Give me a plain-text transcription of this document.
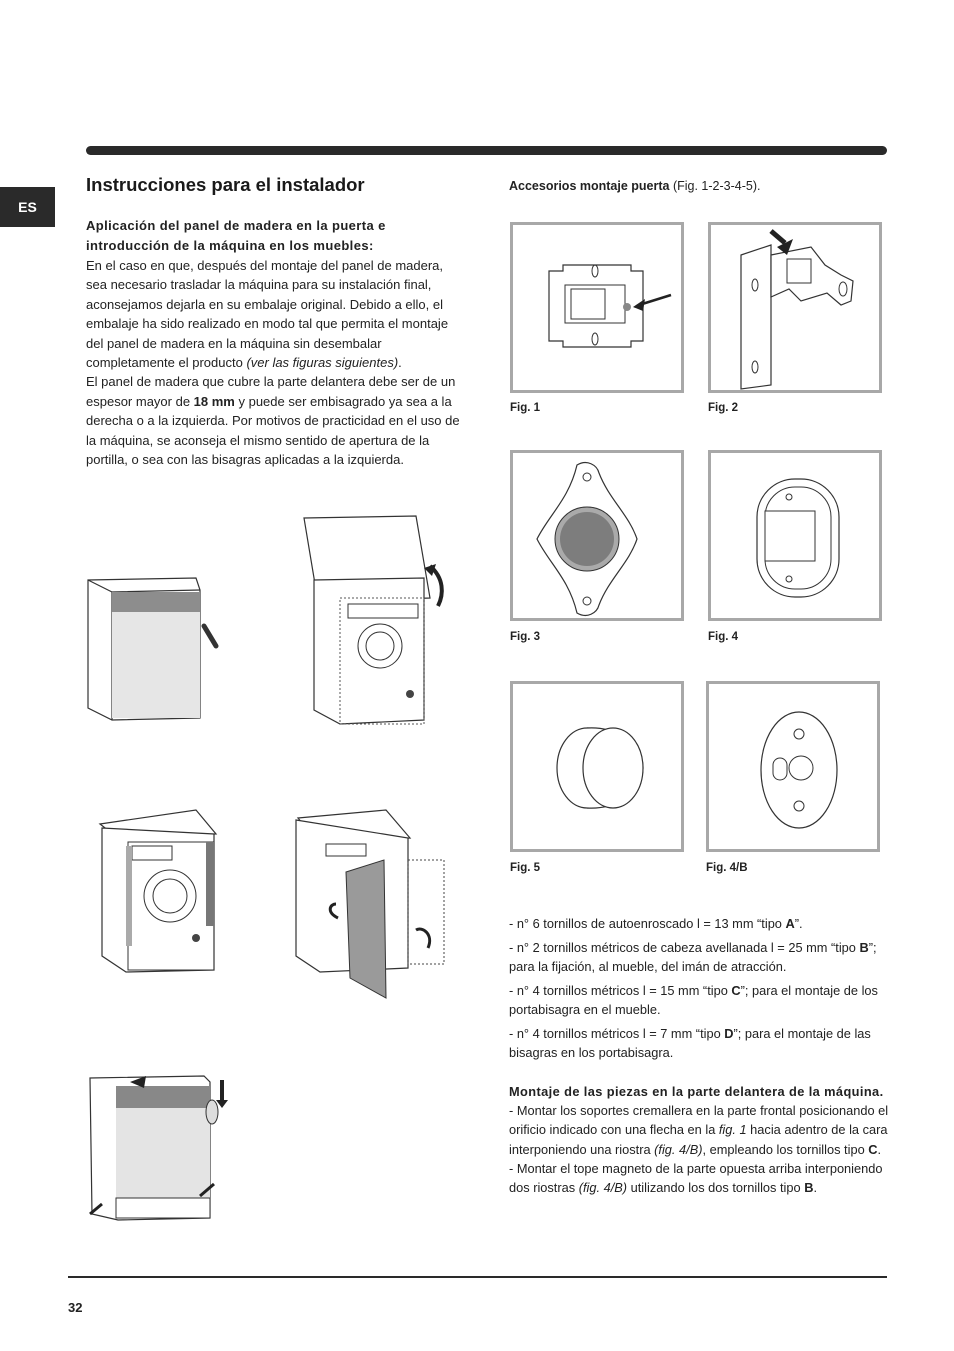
ES
Instrucciones para el instalador

Aplicación del panel de madera en la puerta e introducción de la máquina en los muebles:

En el caso en que, después del montaje del panel de madera, sea necesario trasladar la máquina para su instalación final, aconsejamos dejarla en su embalaje original. Debido a ello, el embalaje ha sido realizado en modo tal que permita el montaje del panel de madera en la máquina sin desembalar completamente el producto (ver las figuras siguientes).

El panel de madera que cubre la parte delantera debe ser de un espesor mayor de 18 mm y puede ser embisagrado ya sea a la derecha o a la izquierda. Por motivos de practicidad en el uso de la máquina, se aconseja el mismo sentido de apertura de la portilla, o sea con las bisagras aplicadas a la izquierda.

Accesorios montaje puerta (Fig. 1-2-3-4-5).
Fig. 1	Fig. 2
Fig. 3	Fig. 4
Fig. 5	Fig. 4/B

- n° 6 tornillos de autoenroscado l = 13 mm “tipo A”.

- n° 2 tornillos métricos de cabeza avellanada l = 25 mm “tipo B”; para la fijación, al mueble, del imán de atracción.

- n° 4 tornillos métricos l = 15 mm “tipo C”; para el montaje de los portabisagra en el mueble.

- n° 4 tornillos métricos l = 7 mm “tipo D”; para el montaje de las bisagras en los portabisagra.

Montaje de las piezas en la parte delantera de la máquina.

- Montar los soportes cremallera en la parte frontal posicionando el orificio indicado con una flecha en la fig. 1 hacia adentro de la cara interponiendo una riostra (fig. 4/B), empleando los tornillos tipo C.

- Montar el tope magneto de la parte opuesta arriba interponiendo dos riostras (fig. 4/B) utilizando los dos tornillos tipo B.

32
